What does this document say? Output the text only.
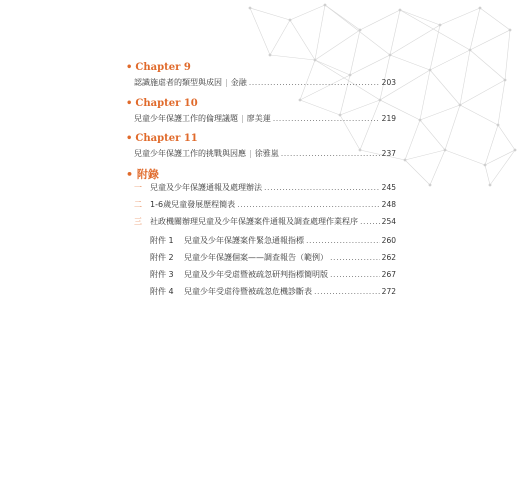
• Chapter 9
認識施虐者的類型與成因 | 金融 .....	203
• Chapter 10
兒童少年保護工作的倫理議題 | 廖美蓮 .....	219
• Chapter 11
兒童少年保護工作的挑戰與因應 | 徐雅嵐 .....	237
• 附錄
一	兒童及少年保護通報及處理辦法 .....	245
二	1-6歲兒童發展歷程簡表 .....	248
三	社政機關辦理兒童及少年保護案件通報及調查處理作業程序 .....	254
附件 1	兒童及少年保護案件緊急通報指標 .....	260
附件 2	兒童少年保護個案——調查報告（範例） .....	262
附件 3	兒童及少年受虐暨被疏忽研判指標簡明版 .....	267
附件 4	兒童少年受虐待暨被疏忽危機診斷表 .....	272
